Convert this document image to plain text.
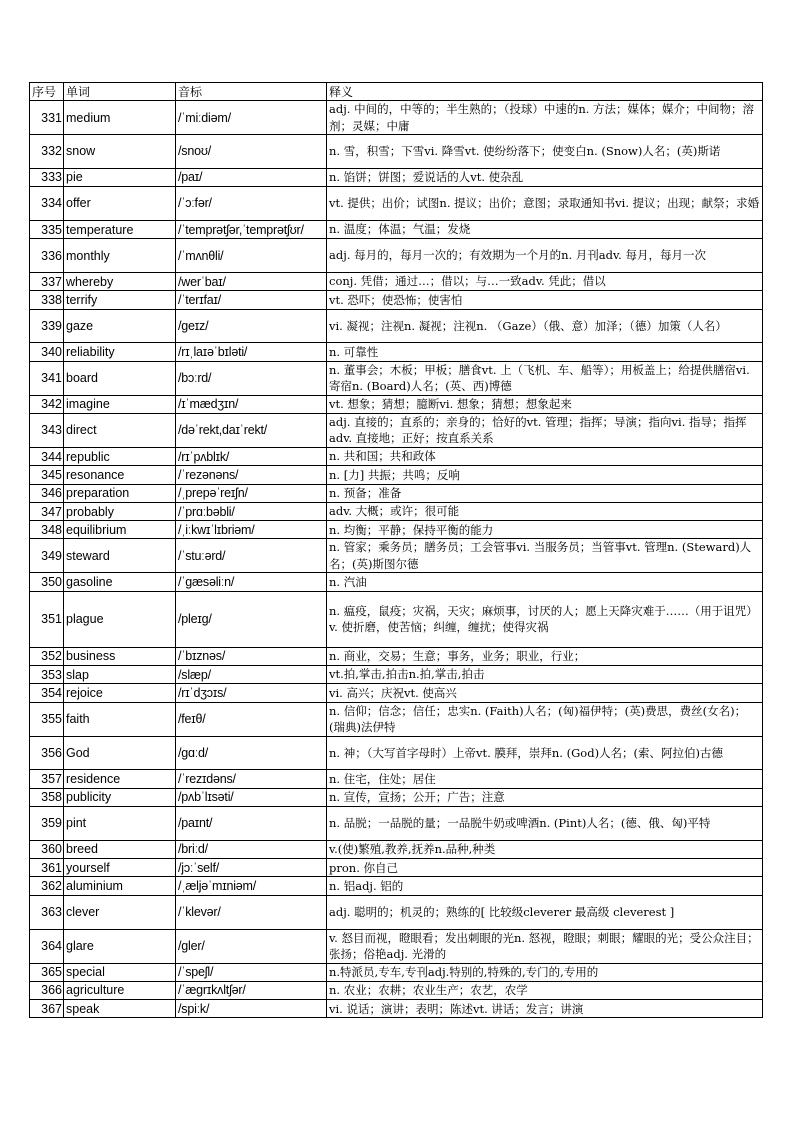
序号	单词	音标	释义
331	medium	/ˈmiːdiəm/	adj. 中间的，中等的；半生熟的；（投球）中速的n. 方法；媒体；媒介；中间物；溶剂；灵媒；中庸
332	snow	/snoʊ/	n. 雪，积雪；下雪vi. 降雪vt. 使纷纷落下；使变白n. (Snow)人名；(英)斯诺
333	pie	/paɪ/	n. 馅饼；饼图；爱说话的人vt. 使杂乱
334	offer	/ˈɔːfər/	vt. 提供；出价；试图n. 提议；出价；意图；录取通知书vi. 提议；出现；献祭；求婚
335	temperature	/ˈtemprətʃər,ˈtemprətʃʊr/	n. 温度；体温；气温；发烧
336	monthly	/ˈmʌnθli/	adj. 每月的，每月一次的；有效期为一个月的n. 月刊adv. 每月，每月一次
337	whereby	/werˈbaɪ/	conj. 凭借；通过…；借以；与…一致adv. 凭此；借以
338	terrify	/ˈterɪfaɪ/	vt. 恐吓；使恐怖；使害怕
339	gaze	/ɡeɪz/	vi. 凝视；注视n. 凝视；注视n. （Gaze）（俄、意）加泽；（德）加策（人名）
340	reliability	/rɪˌlaɪəˈbɪləti/	n. 可靠性
341	board	/bɔːrd/	n. 董事会；木板；甲板；膳食vt. 上（飞机、车、船等）；用板盖上；给提供膳宿vi. 寄宿n. (Board)人名；(英、西)博德
342	imagine	/ɪˈmædʒɪn/	vt. 想象；猜想；臆断vi. 想象；猜想；想象起来
343	direct	/dəˈrekt,daɪˈrekt/	adj. 直接的；直系的；亲身的；恰好的vt. 管理；指挥；导演；指向vi. 指导；指挥adv. 直接地；正好；按直系关系
344	republic	/rɪˈpʌblɪk/	n. 共和国；共和政体
345	resonance	/ˈrezənəns/	n. [力] 共振；共鸣；反响
346	preparation	/ˌprepəˈreɪʃn/	n. 预备；准备
347	probably	/ˈprɑːbəbli/	adv. 大概；或许；很可能
348	equilibrium	/ˌiːkwɪˈlɪbriəm/	n. 均衡；平静；保持平衡的能力
349	steward	/ˈstuːərd/	n. 管家；乘务员；膳务员；工会管事vi. 当服务员；当管事vt. 管理n. (Steward)人名；(英)斯图尔德
350	gasoline	/ˈɡæsəliːn/	n. 汽油
351	plague	/pleɪɡ/	n. 瘟疫，鼠疫；灾祸，天灾；麻烦事，讨厌的人；愿上天降灾难于……（用于诅咒）v. 使折磨，使苦恼；纠缠，缠扰；使得灾祸
352	business	/ˈbɪznəs/	n. 商业，交易；生意；事务，业务；职业，行业；
353	slap	/slæp/	vt.拍,掌击,拍击n.拍,掌击,拍击
354	rejoice	/rɪˈdʒɔɪs/	vi. 高兴；庆祝vt. 使高兴
355	faith	/feɪθ/	n. 信仰；信念；信任；忠实n. (Faith)人名；(匈)福伊特；(英)费思，费丝(女名)；(瑞典)法伊特
356	God	/ɡɑːd/	n. 神；（大写首字母时）上帝vt. 膜拜，崇拜n. (God)人名；(索、阿拉伯)古德
357	residence	/ˈrezɪdəns/	n. 住宅，住处；居住
358	publicity	/pʌbˈlɪsəti/	n. 宣传，宣扬；公开；广告；注意
359	pint	/paɪnt/	n. 品脱；一品脱的量；一品脱牛奶或啤酒n. (Pint)人名；(德、俄、匈)平特
360	breed	/briːd/	v.(使)繁殖,教养,抚养n.品种,种类
361	yourself	/jɔːˈself/	pron. 你自己
362	aluminium	/ˌæljəˈmɪniəm/	n. 铝adj. 铝的
363	clever	/ˈklevər/	adj. 聪明的；机灵的；熟练的[ 比较级cleverer 最高级 cleverest ]
364	glare	/ɡler/	v. 怒目而视，瞪眼看；发出刺眼的光n. 怒视，瞪眼；刺眼；耀眼的光；受公众注目；张扬；俗艳adj. 光滑的
365	special	/ˈspeʃl/	n.特派员,专车,专刊adj.特别的,特殊的,专门的,专用的
366	agriculture	/ˈæɡrɪkʌltʃər/	n. 农业；农耕；农业生产；农艺，农学
367	speak	/spiːk/	vi. 说话；演讲；表明；陈述vt. 讲话；发言；讲演
